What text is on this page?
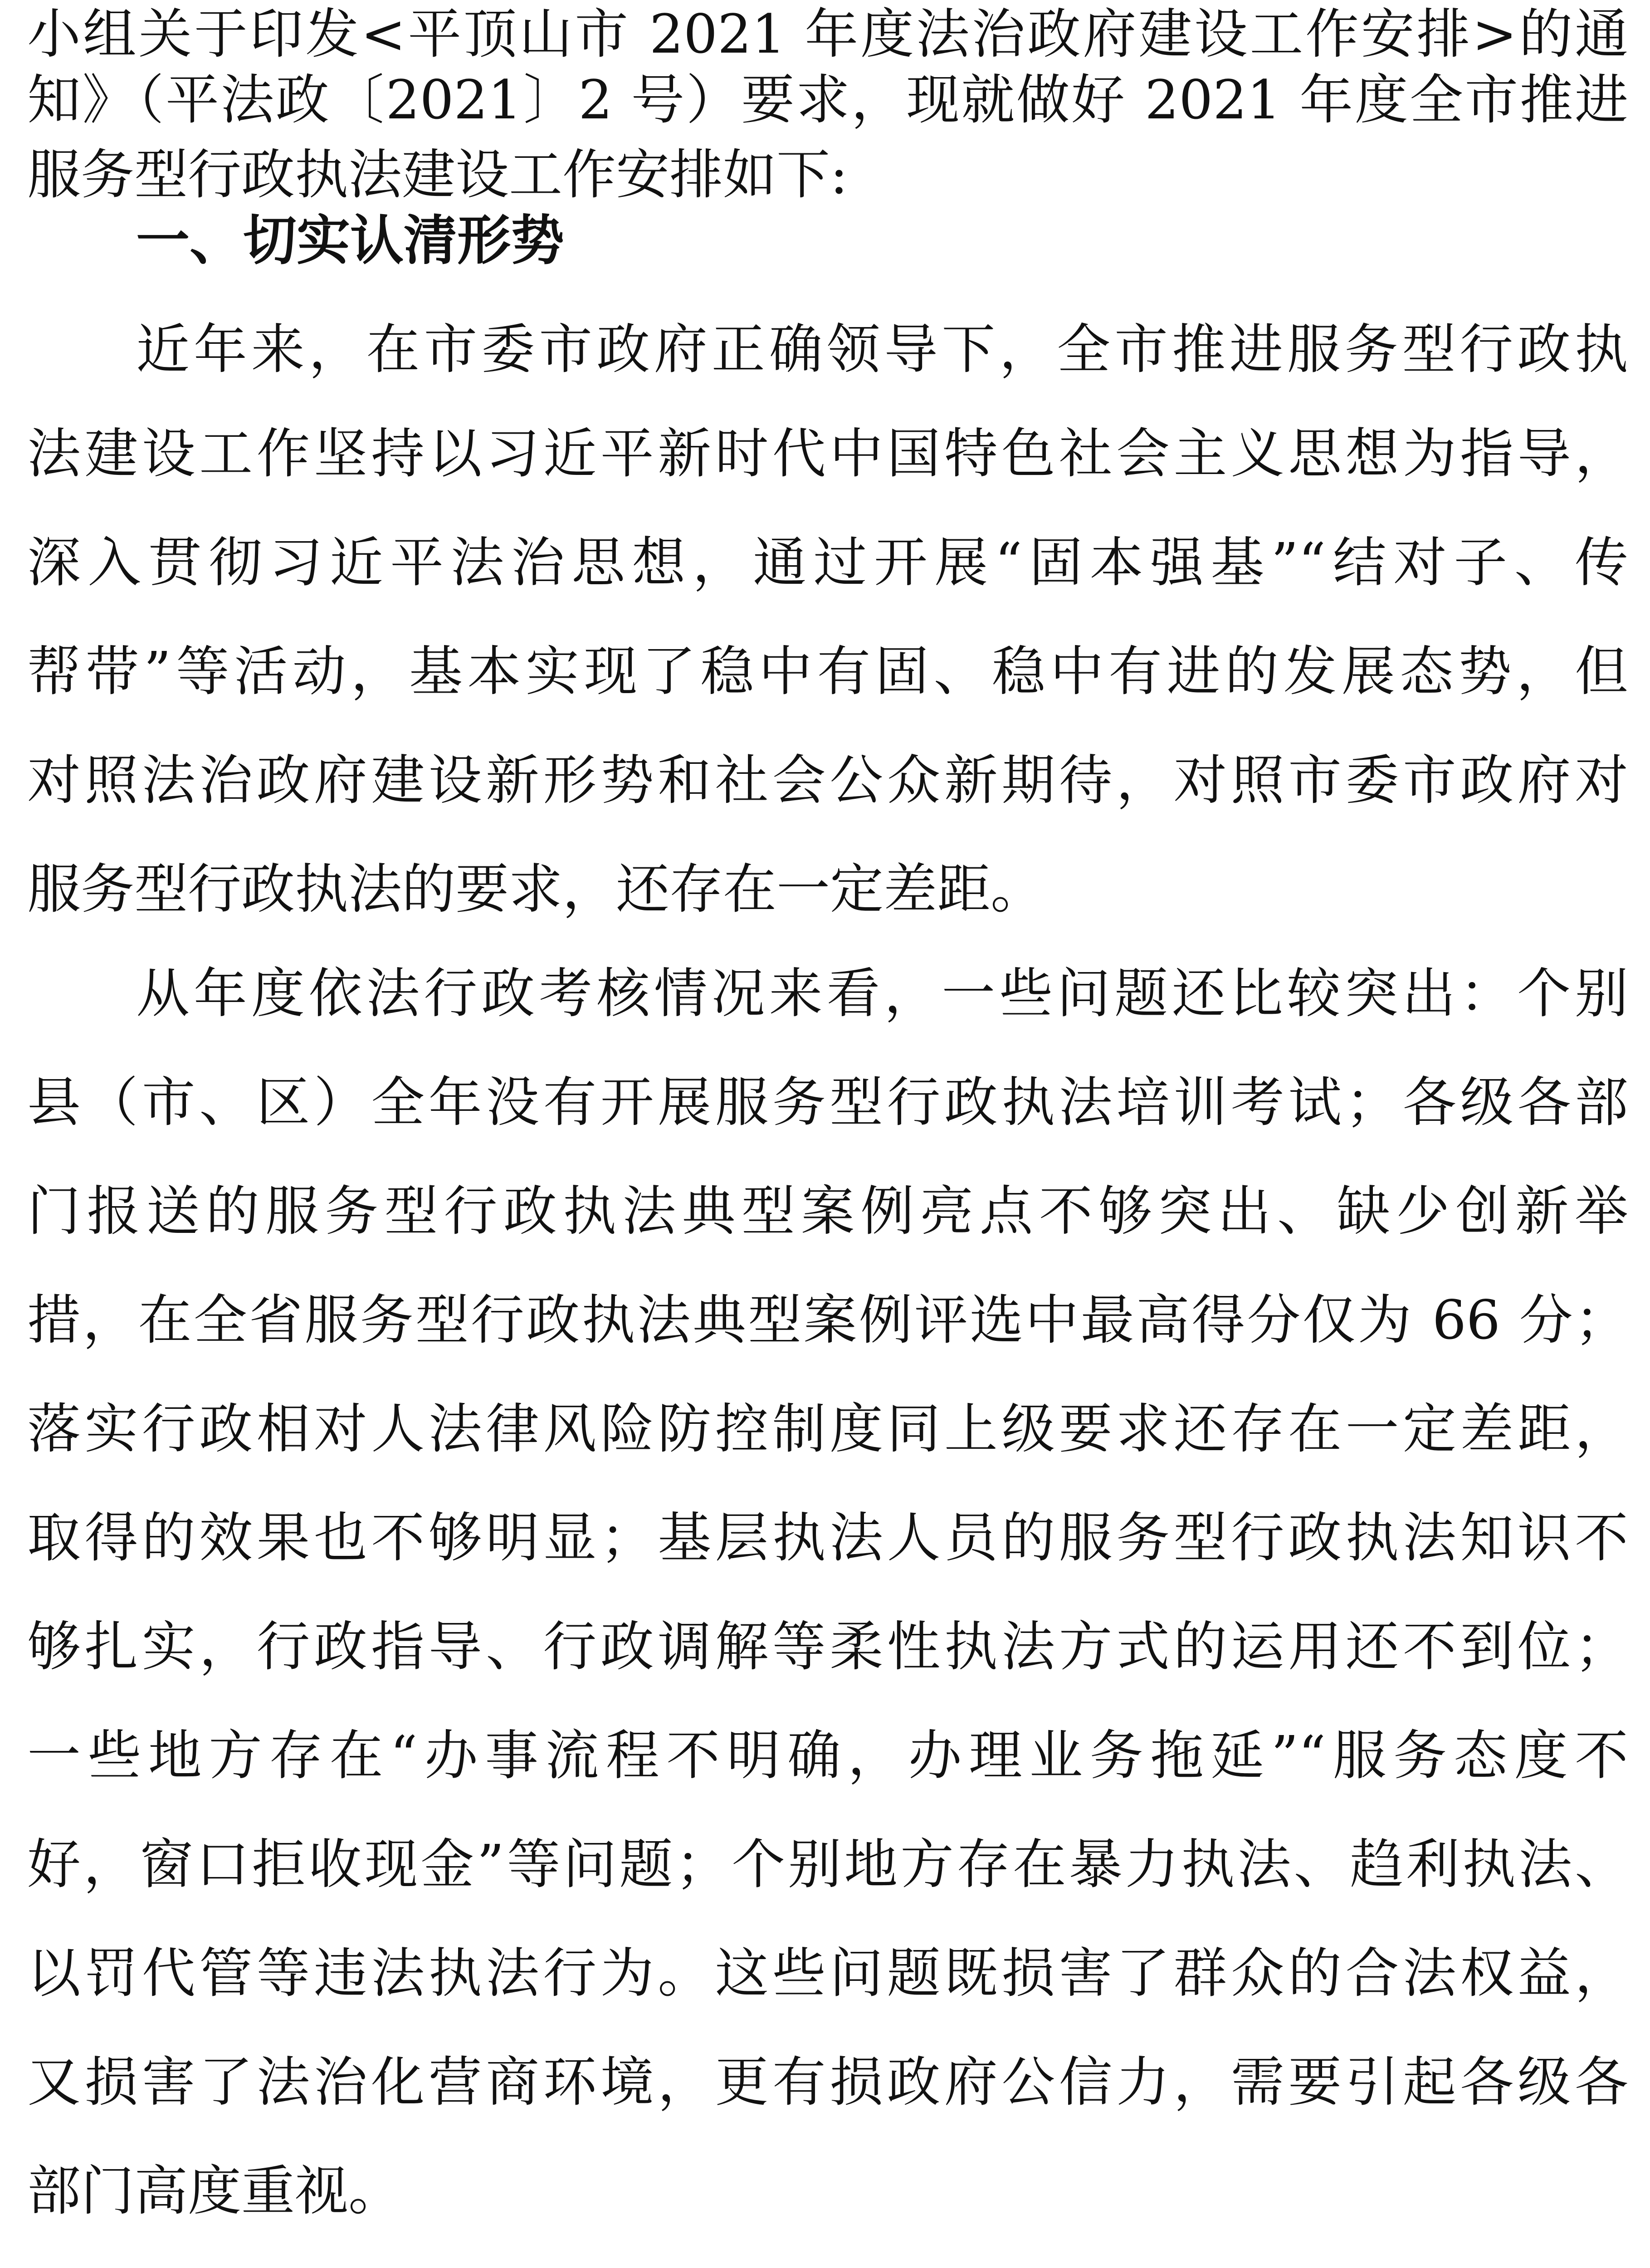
小组关于印发<平顶山市 2021 年度法治政府建设工作安排>的通
知》（平法政〔2021〕2 号）要求，现就做好 2021 年度全市推进
服务型行政执法建设工作安排如下:
一、切实认清形势
近年来，在市委市政府正确领导下，全市推进服务型行政执
法建设工作坚持以习近平新时代中国特色社会主义思想为指导，
深入贯彻习近平法治思想，通过开展“固本强基”“结对子、传
帮带”等活动，基本实现了稳中有固、稳中有进的发展态势，但
对照法治政府建设新形势和社会公众新期待，对照市委市政府对
服务型行政执法的要求，还存在一定差距。
从年度依法行政考核情况来看，一些问题还比较突出：个别
县（市、区）全年没有开展服务型行政执法培训考试；各级各部
门报送的服务型行政执法典型案例亮点不够突出、缺少创新举
措，在全省服务型行政执法典型案例评选中最高得分仅为 66 分；
落实行政相对人法律风险防控制度同上级要求还存在一定差距，
取得的效果也不够明显；基层执法人员的服务型行政执法知识不
够扎实，行政指导、行政调解等柔性执法方式的运用还不到位；
一些地方存在“办事流程不明确，办理业务拖延”“服务态度不
好，窗口拒收现金”等问题；个别地方存在暴力执法、趋利执法、
以罚代管等违法执法行为。这些问题既损害了群众的合法权益，
又损害了法治化营商环境，更有损政府公信力，需要引起各级各
部门高度重视。
